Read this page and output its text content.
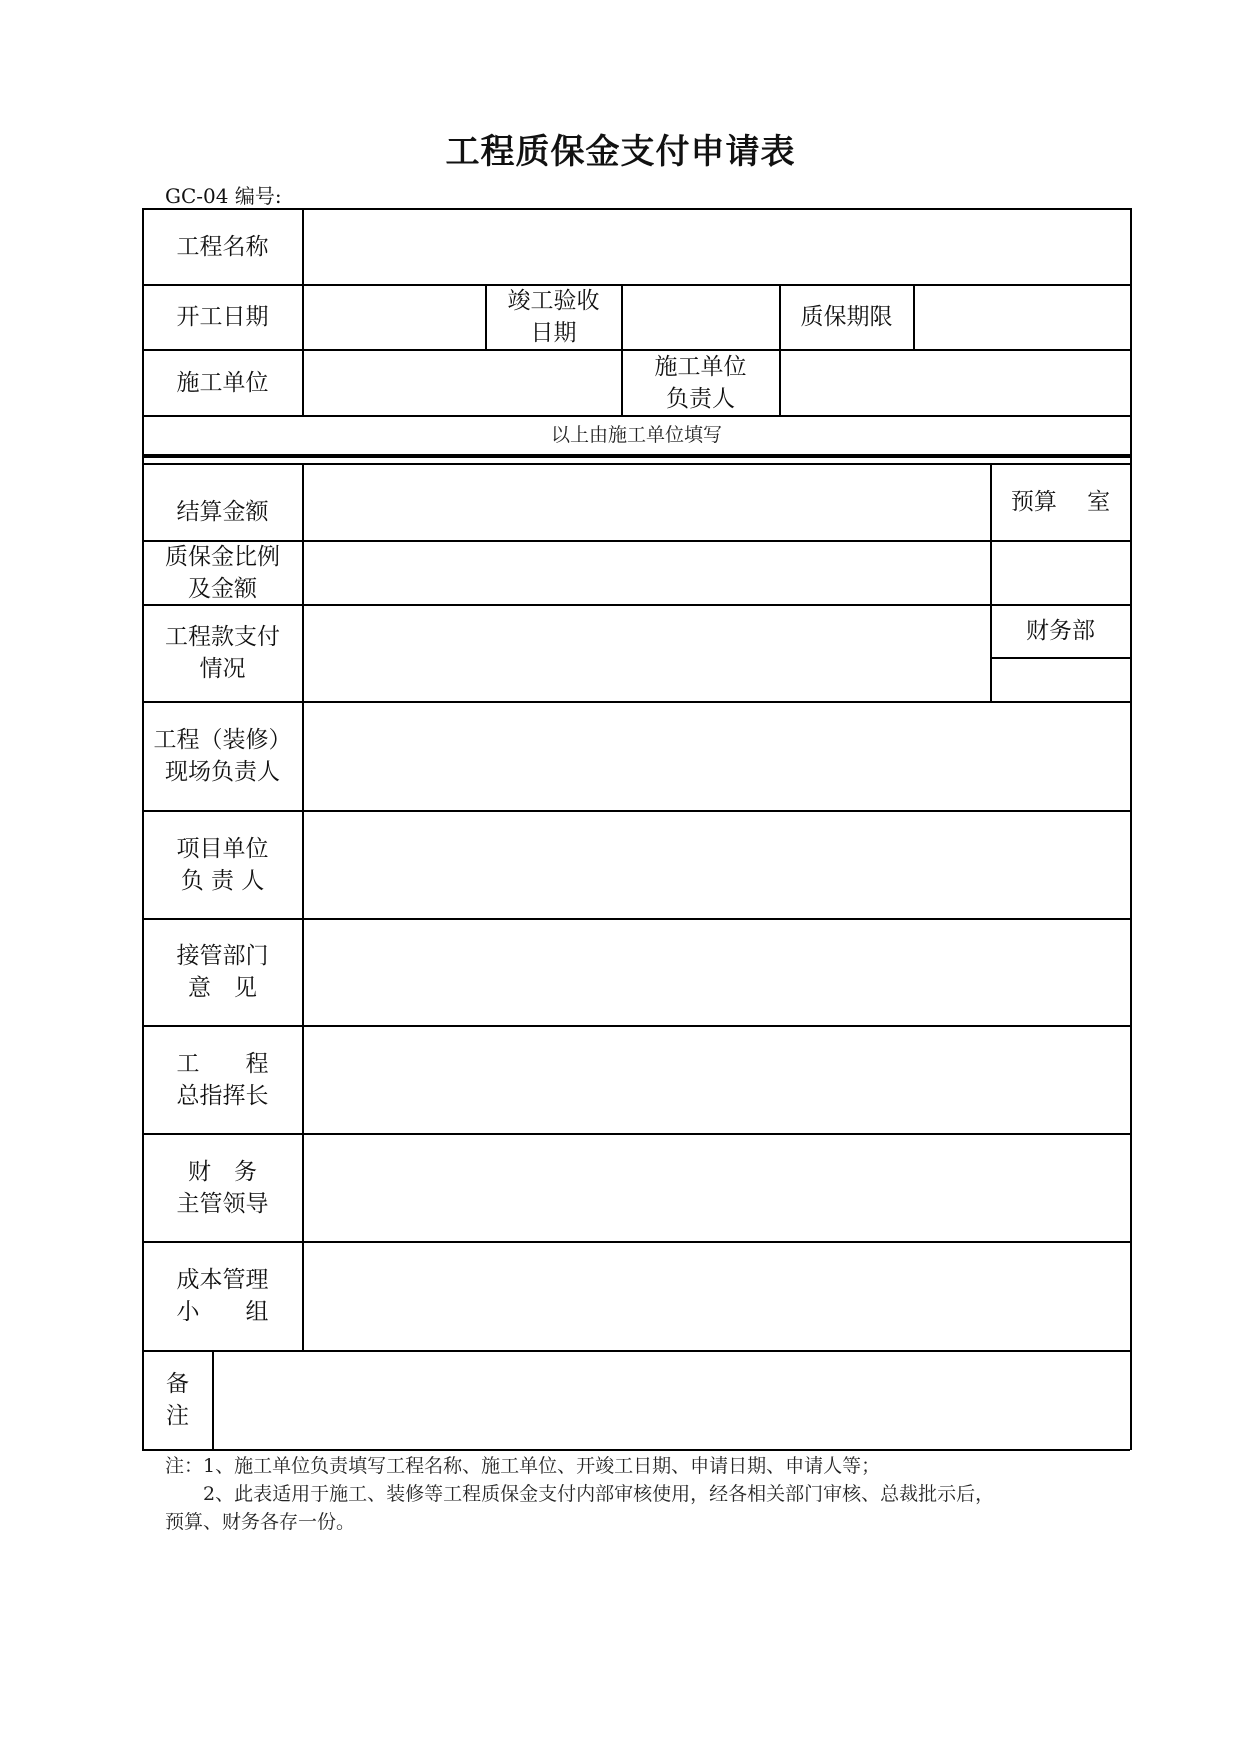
工程质保金支付申请表
GC-04 编号:
工程名称
开工日期
竣工验收
日期
质保期限
施工单位
施工单位
负责人
以上由施工单位填写
结算金额	预算　 室
质保金比例
及金额
工程款支付
情况
财务部
工程（装修）
现场负责人
项目单位
负 责 人
接管部门
意　见
工　　程
总指挥长
财　务
主管领导
成本管理
小　　组
备
注
注：1、施工单位负责填写工程名称、施工单位、开竣工日期、申请日期、申请人等；
　　2、此表适用于施工、装修等工程质保金支付内部审核使用，经各相关部门审核、总裁批示后，
预算、财务各存一份。
